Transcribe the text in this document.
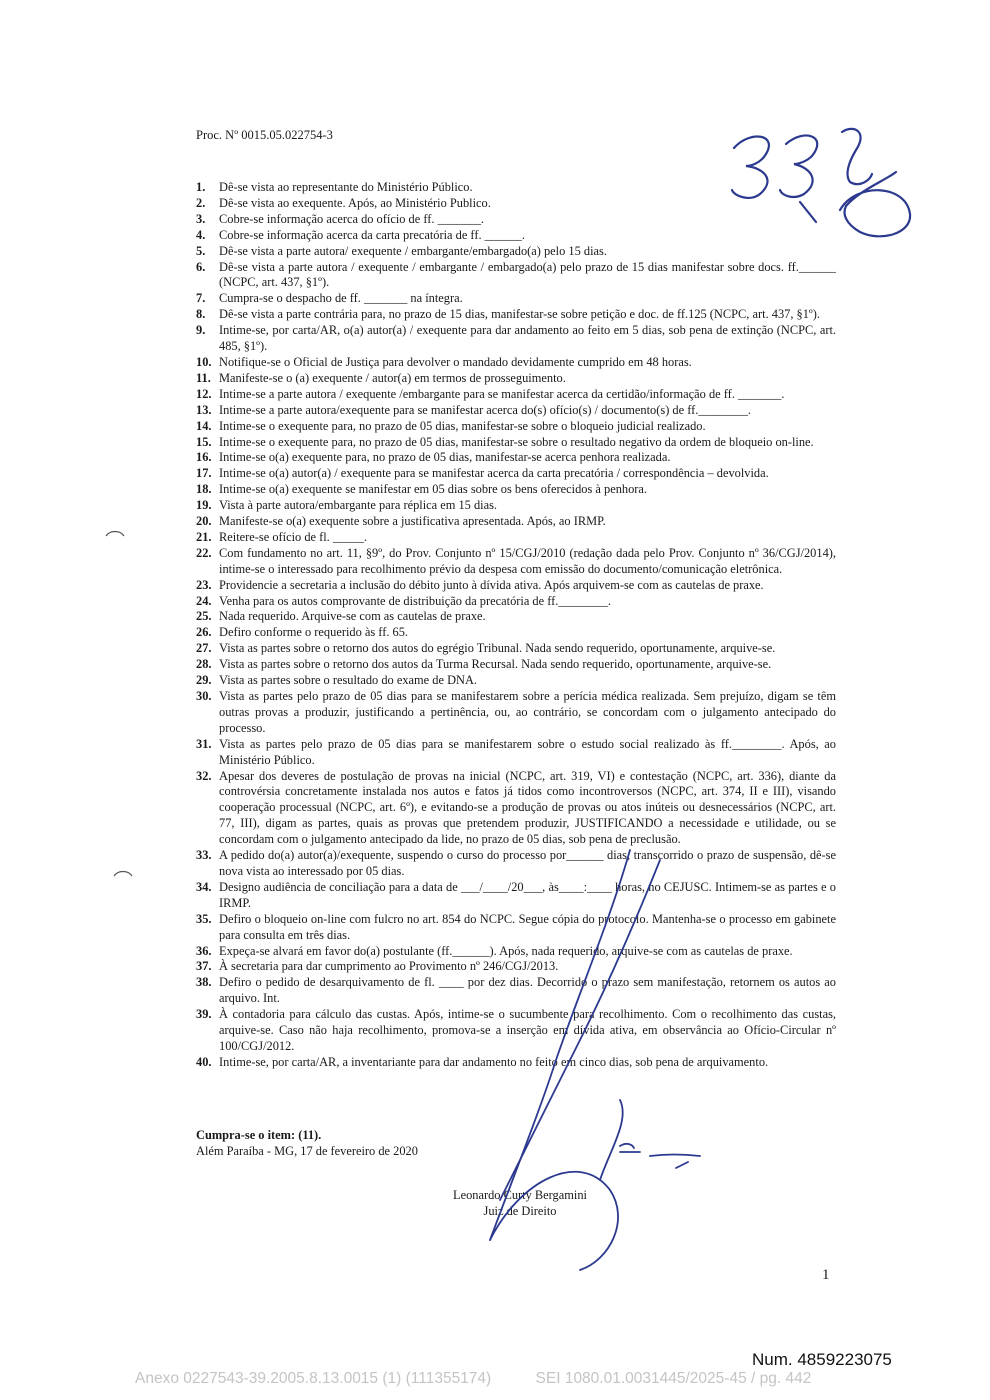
Proc. Nº 0015.05.022754-3
1.	Dê-se vista ao representante do Ministério Público.
2.	Dê-se vista ao exequente. Após, ao Ministério Publico.
3.	Cobre-se informação acerca do ofício de ff. _______.
4.	Cobre-se informação acerca da carta precatória de ff. ______.
5.	Dê-se vista a parte autora/ exequente / embargante/embargado(a) pelo 15 dias.
6.	Dê-se vista a parte autora / exequente / embargante / embargado(a) pelo prazo de 15 dias manifestar sobre docs. ff.______ (NCPC, art. 437, §1º).
7.	Cumpra-se o despacho de ff. _______ na íntegra.
8.	Dê-se vista a parte contrária para, no prazo de 15 dias, manifestar-se sobre petição e doc. de ff.125 (NCPC, art. 437, §1º).
9.	Intime-se, por carta/AR, o(a) autor(a) / exequente para dar andamento ao feito em 5 dias, sob pena de extinção (NCPC, art. 485, §1º).
10. Notifique-se o Oficial de Justiça para devolver o mandado devidamente cumprido em 48 horas.
11. Manifeste-se o (a) exequente / autor(a) em termos de prosseguimento.
12. Intime-se a parte autora / exequente /embargante para se manifestar acerca da certidão/informação de ff. _______.
13. Intime-se a parte autora/exequente para se manifestar acerca do(s) ofício(s) / documento(s) de ff.________.
14. Intime-se o exequente para, no prazo de 05 dias, manifestar-se sobre o bloqueio judicial realizado.
15. Intime-se o exequente para, no prazo de 05 dias, manifestar-se sobre o resultado negativo da ordem de bloqueio on-line.
16. Intime-se o(a) exequente para, no prazo de 05 dias, manifestar-se acerca penhora realizada.
17. Intime-se o(a) autor(a) / exequente para se manifestar acerca da carta precatória / correspondência – devolvida.
18. Intime-se o(a) exequente se manifestar em 05 dias sobre os bens oferecidos à penhora.
19. Vista à parte autora/embargante para réplica em 15 dias.
20. Manifeste-se o(a) exequente sobre a justificativa apresentada. Após, ao IRMP.
21. Reitere-se ofício de fl. _____.
22. Com fundamento no art. 11, §9º, do Prov. Conjunto nº 15/CGJ/2010 (redação dada pelo Prov. Conjunto nº 36/CGJ/2014), intime-se o interessado para recolhimento prévio da despesa com emissão do documento/comunicação eletrônica.
23. Providencie a secretaria a inclusão do débito junto à dívida ativa. Após arquivem-se com as cautelas de praxe.
24. Venha para os autos comprovante de distribuição da precatória de ff.________.
25. Nada requerido. Arquive-se com as cautelas de praxe.
26. Defiro conforme o requerido às ff. 65.
27. Vista as partes sobre o retorno dos autos do egrégio Tribunal. Nada sendo requerido, oportunamente, arquive-se.
28. Vista as partes sobre o retorno dos autos da Turma Recursal. Nada sendo requerido, oportunamente, arquive-se.
29. Vista as partes sobre o resultado do exame de DNA.
30. Vista as partes pelo prazo de 05 dias para se manifestarem sobre a perícia médica realizada. Sem prejuízo, digam se têm outras provas a produzir, justificando a pertinência, ou, ao contrário, se concordam com o julgamento antecipado do processo.
31. Vista as partes pelo prazo de 05 dias para se manifestarem sobre o estudo social realizado às ff.________. Após, ao Ministério Público.
32. Apesar dos deveres de postulação de provas na inicial (NCPC, art. 319, VI) e contestação (NCPC, art. 336), diante da controvérsia concretamente instalada nos autos e fatos já tidos como incontroversos (NCPC, art. 374, II e III), visando cooperação processual (NCPC, art. 6º), e evitando-se a produção de provas ou atos inúteis ou desnecessários (NCPC, art. 77, III), digam as partes, quais as provas que pretendem produzir, JUSTIFICANDO a necessidade e utilidade, ou se concordam com o julgamento antecipado da lide, no prazo de 05 dias, sob pena de preclusão.
33. A pedido do(a) autor(a)/exequente, suspendo o curso do processo por______ dias, transcorrido o prazo de suspensão, dê-se nova vista ao interessado por 05 dias.
34. Designo audiência de conciliação para a data de ___/____/20___, às____:____ horas, no CEJUSC. Intimem-se as partes e o IRMP.
35. Defiro o bloqueio on-line com fulcro no art. 854 do NCPC. Segue cópia do protocolo. Mantenha-se o processo em gabinete para consulta em três dias.
36. Expeça-se alvará em favor do(a) postulante (ff.______). Após, nada requerido, arquive-se com as cautelas de praxe.
37. À secretaria para dar cumprimento ao Provimento nº 246/CGJ/2013.
38. Defiro o pedido de desarquivamento de fl. ____ por dez dias. Decorrido o prazo sem manifestação, retornem os autos ao arquivo. Int.
39. À contadoria para cálculo das custas. Após, intime-se o sucumbente para recolhimento. Com o recolhimento das custas, arquive-se. Caso não haja recolhimento, promova-se a inserção em dívida ativa, em observância ao Ofício-Circular nº 100/CGJ/2012.
40. Intime-se, por carta/AR, a inventariante para dar andamento no feito em cinco dias, sob pena de arquivamento.
Cumpra-se o item: (11).
Além Paraíba - MG, 17 de fevereiro de 2020
Leonardo Curty Bergamini
Juiz de Direito
1
Num. 4859223075
Anexo 0227543-39.2005.8.13.0015 (1) (111355174)	SEI 1080.01.0031445/2025-45 / pg. 442
